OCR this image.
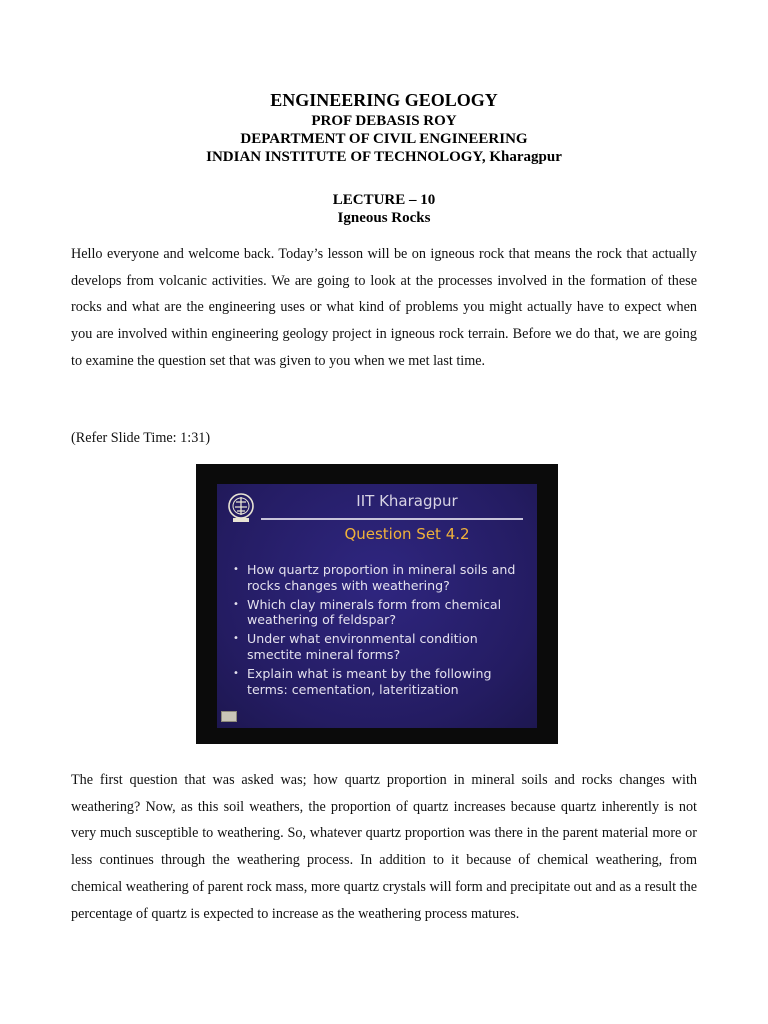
ENGINEERING GEOLOGY
PROF DEBASIS ROY
DEPARTMENT OF CIVIL ENGINEERING
INDIAN INSTITUTE OF TECHNOLOGY, Kharagpur
LECTURE – 10
Igneous Rocks
Hello everyone and welcome back. Today’s lesson will be on igneous rock that means the rock that actually develops from volcanic activities. We are going to look at the processes involved in the formation of these rocks and what are the engineering uses or what kind of problems you might actually have to expect when you are involved within engineering geology project in igneous rock terrain. Before we do that, we are going to examine the question set that was given to you when we met last time.
(Refer Slide Time: 1:31)
IIT Kharagpur
Question Set 4.2
• How quartz proportion in mineral soils and rocks changes with weathering?
• Which clay minerals form from chemical weathering of feldspar?
• Under what environmental condition smectite mineral forms?
• Explain what is meant by the following terms: cementation, lateritization
The first question that was asked was; how quartz proportion in mineral soils and rocks changes with weathering? Now, as this soil weathers, the proportion of quartz increases because quartz inherently is not very much susceptible to weathering. So, whatever quartz proportion was there in the parent material more or less continues through the weathering process. In addition to it because of chemical weathering, from chemical weathering of parent rock mass, more quartz crystals will form and precipitate out and as a result the percentage of quartz is expected to increase as the weathering process matures.
